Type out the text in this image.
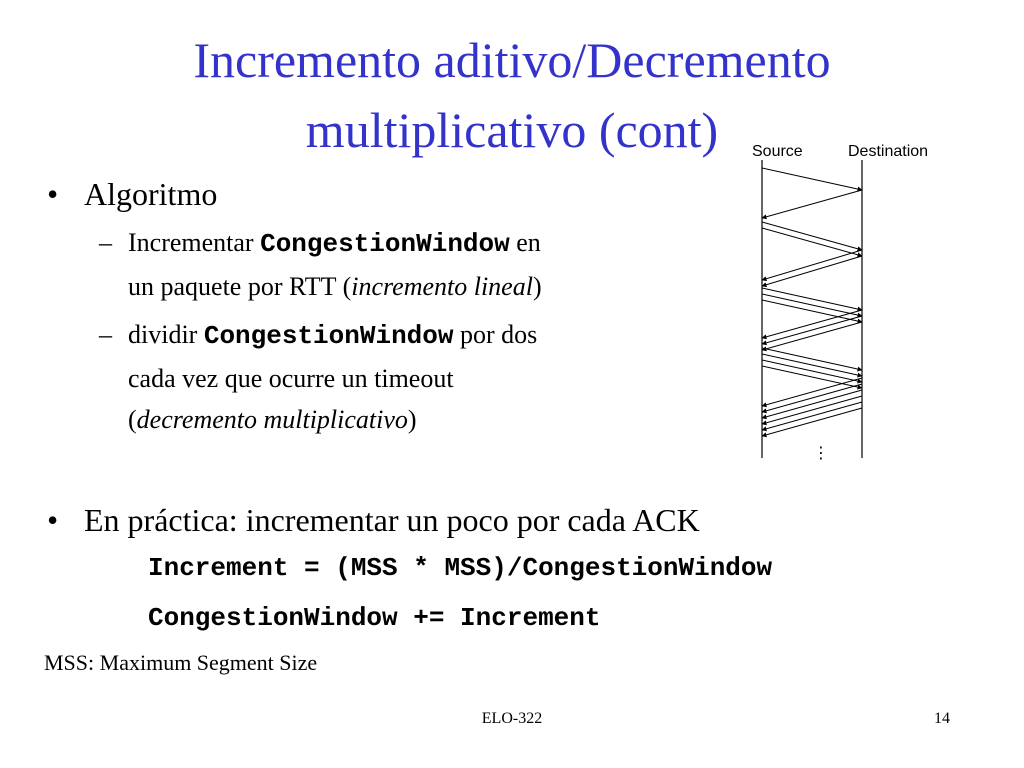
Incremento aditivo/Decremento
multiplicativo (cont)
• Algoritmo
– Incrementar CongestionWindow en
un paquete por RTT (incremento lineal)
– dividir CongestionWindow por dos
cada vez que ocurre un timeout
(decremento multiplicativo)
• En práctica: incrementar un poco por cada ACK
Increment = (MSS * MSS)/CongestionWindow
CongestionWindow += Increment
MSS: Maximum Segment Size
ELO-322	14
Source	Destination
⋮
